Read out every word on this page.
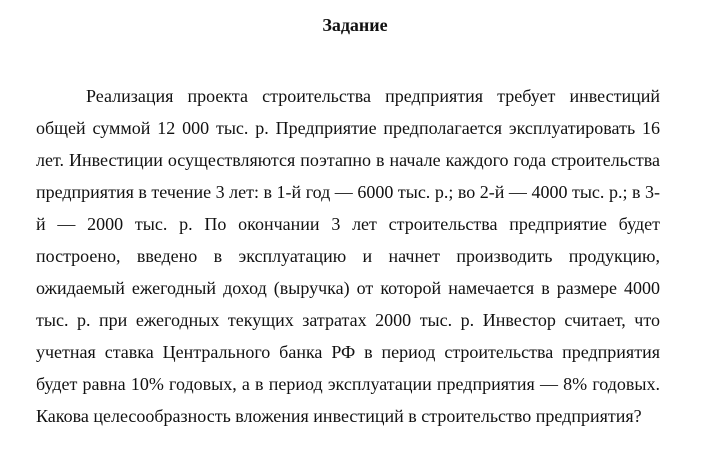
Задание

Реализация проекта строительства предприятия требует инвестиций общей суммой 12 000 тыс. р. Предприятие предполагается эксплуатировать 16 лет. Инвестиции осуществляются поэтапно в начале каждого года строительства предприятия в течение 3 лет: в 1-й год — 6000 тыс. р.; во 2-й — 4000 тыс. р.; в 3-й — 2000 тыс. р. По окончании 3 лет строительства предприятие будет построено, введено в эксплуатацию и начнет производить продукцию, ожидаемый ежегодный доход (выручка) от которой намечается в размере 4000 тыс. р. при ежегодных текущих затратах 2000 тыс. р. Инвестор считает, что учетная ставка Центрального банка РФ в период строительства предприятия будет равна 10% годовых, а в период эксплуатации предприятия — 8% годовых. Какова целесообразность вложения инвестиций в строительство предприятия?
